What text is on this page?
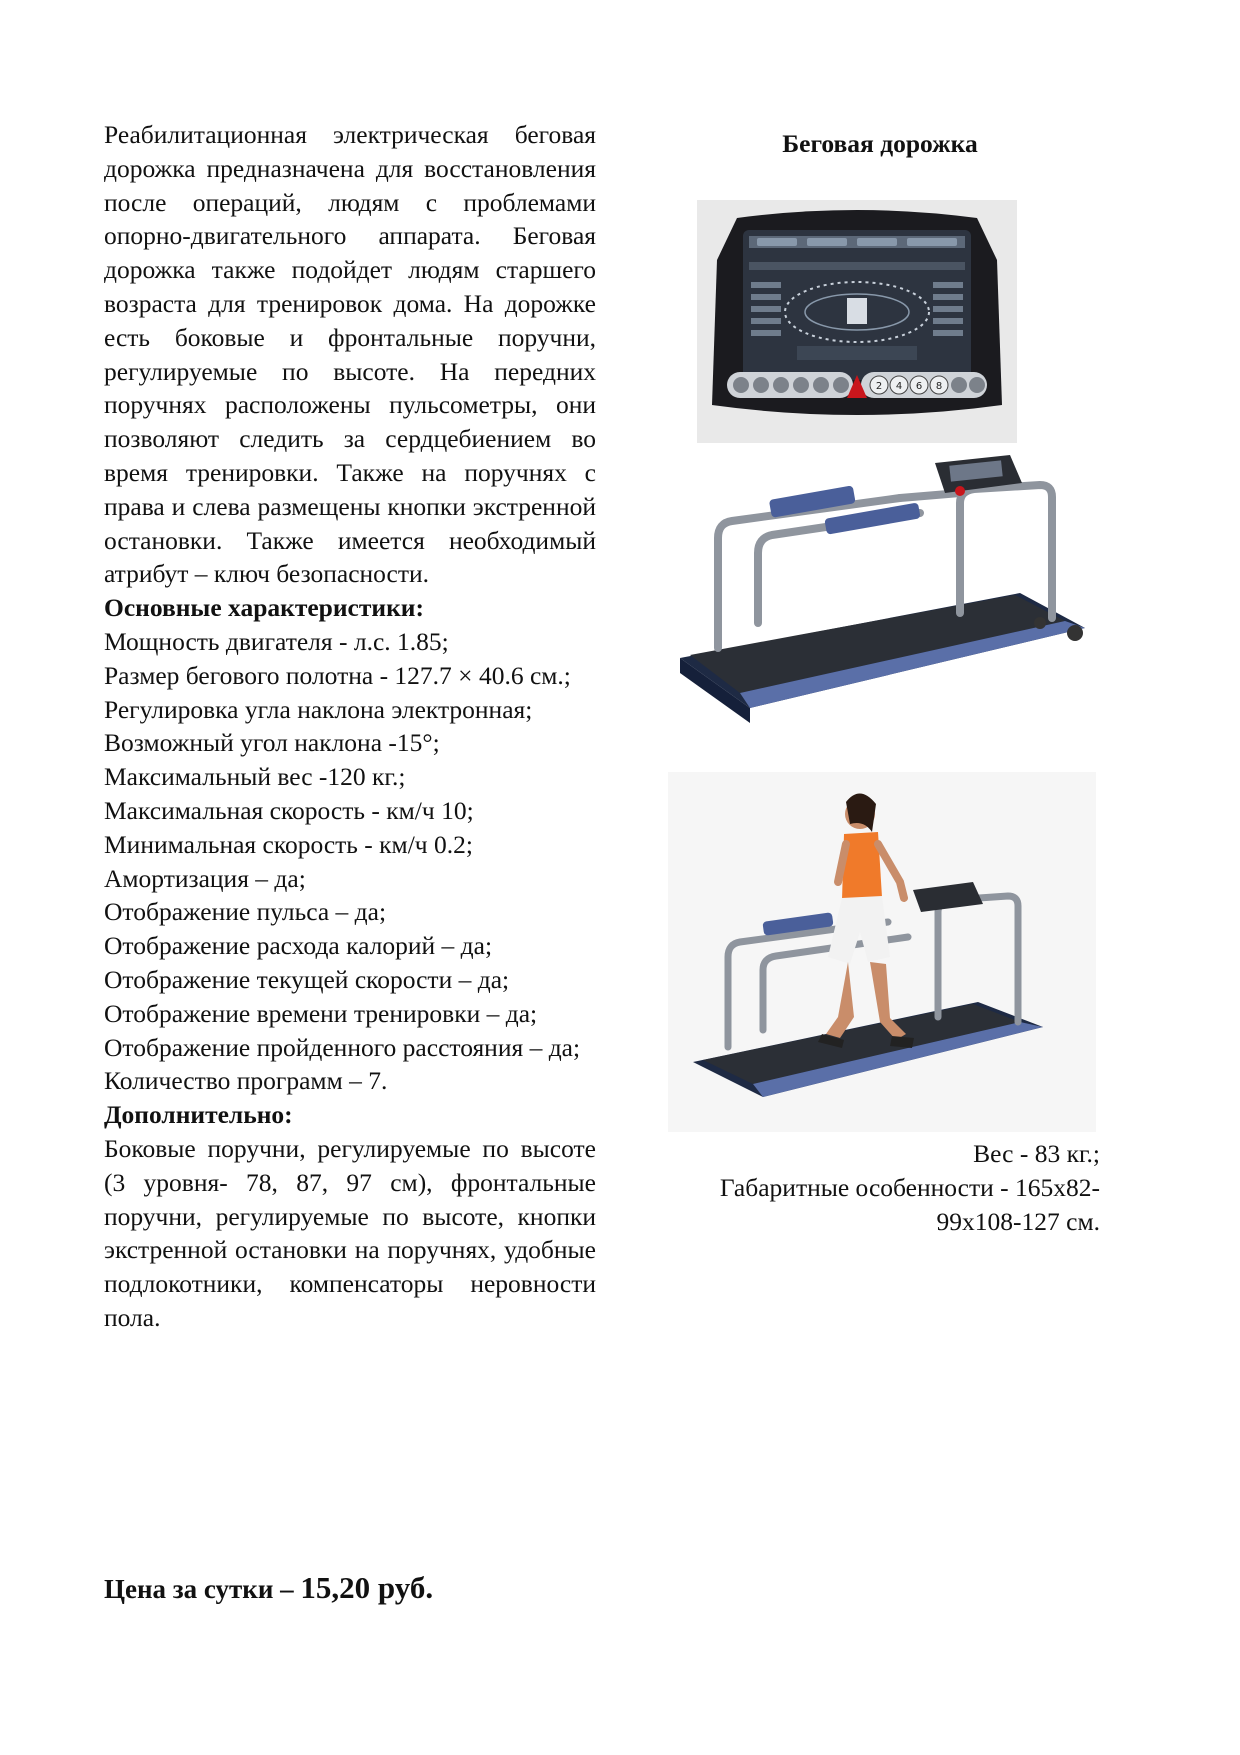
Реабилитационная электрическая беговая дорожка предназначена для восстановления после операций, людям с проблемами опорно-двигательного аппарата. Беговая дорожка также подойдет людям старшего возраста для тренировок дома. На дорожке есть боковые и фронтальные поручни, регулируемые по высоте. На передних поручнях расположены пульсометры, они позволяют следить за сердцебиением во время тренировки. Также на поручнях с права и слева размещены кнопки экстренной остановки. Также имеется необходимый атрибут – ключ безопасности.

Основные характеристики:

Мощность двигателя - л.с. 1.85;
Размер бегового полотна - 127.7 × 40.6 см.;
Регулировка угла наклона электронная;
Возможный угол наклона -15°;
Максимальный вес -120 кг.;
Максимальная скорость - км/ч 10;
Минимальная скорость - км/ч 0.2;
Амортизация – да;
Отображение пульса – да;
Отображение расхода калорий – да;
Отображение текущей скорости – да;
Отображение времени тренировки – да;
Отображение пройденного расстояния – да;
Количество программ – 7.

Дополнительно:

Боковые поручни, регулируемые по высоте (3 уровня- 78, 87, 97 см), фронтальные поручни, регулируемые по высоте, кнопки экстренной остановки на поручнях, удобные подлокотники, компенсаторы неровности пола.

Цена за сутки – 15,20 руб.
Беговая дорожка
2 4 6 8

Вес - 83 кг.;

Габаритные особенности - 165x82-99x108-127 см.
